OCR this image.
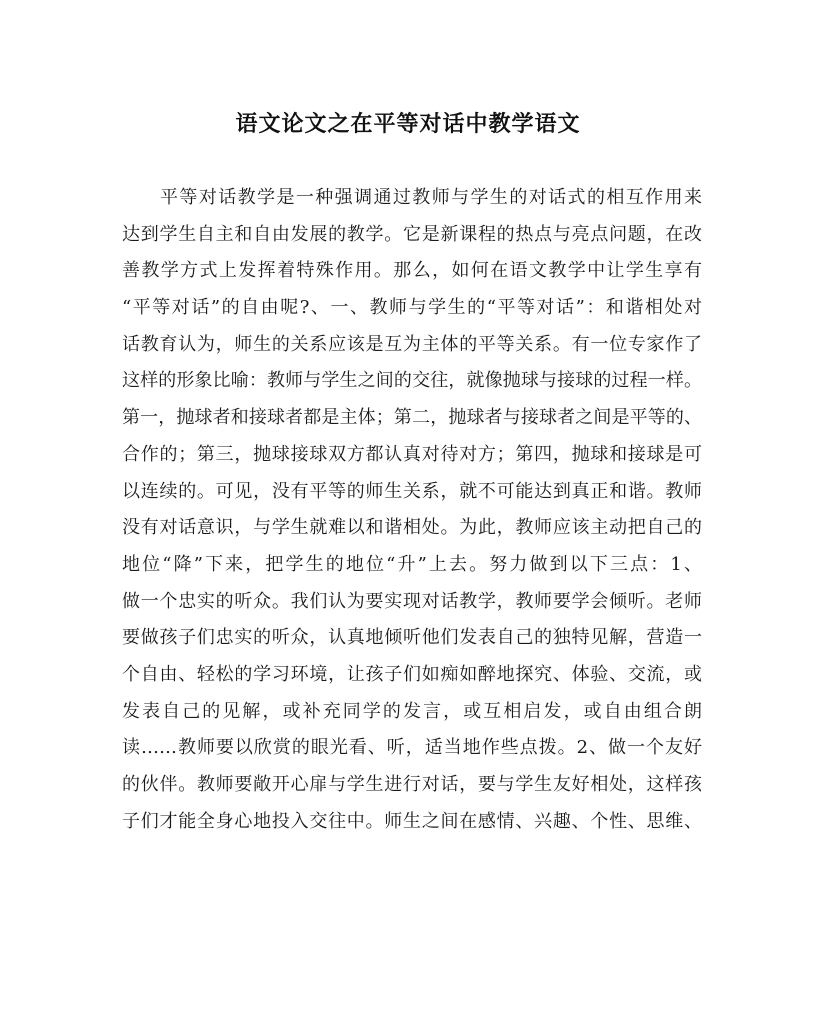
语文论文之在平等对话中教学语文
平等对话教学是一种强调通过教师与学生的对话式的相互作用来
达到学生自主和自由发展的教学。它是新课程的热点与亮点问题，在改
善教学方式上发挥着特殊作用。那么，如何在语文教学中让学生享有
“平等对话”的自由呢?、一、教师与学生的“平等对话”：和谐相处对
话教育认为，师生的关系应该是互为主体的平等关系。有一位专家作了
这样的形象比喻：教师与学生之间的交往，就像抛球与接球的过程一样。
第一，抛球者和接球者都是主体；第二，抛球者与接球者之间是平等的、
合作的；第三，抛球接球双方都认真对待对方；第四，抛球和接球是可
以连续的。可见，没有平等的师生关系，就不可能达到真正和谐。教师
没有对话意识，与学生就难以和谐相处。为此，教师应该主动把自己的
地位“降”下来，把学生的地位“升”上去。努力做到以下三点：1、
做一个忠实的听众。我们认为要实现对话教学，教师要学会倾听。老师
要做孩子们忠实的听众，认真地倾听他们发表自己的独特见解，营造一
个自由、轻松的学习环境，让孩子们如痴如醉地探究、体验、交流，或
发表自己的见解，或补充同学的发言，或互相启发，或自由组合朗
读……教师要以欣赏的眼光看、听，适当地作些点拨。2、做一个友好
的伙伴。教师要敞开心扉与学生进行对话，要与学生友好相处，这样孩
子们才能全身心地投入交往中。师生之间在感情、兴趣、个性、思维、
